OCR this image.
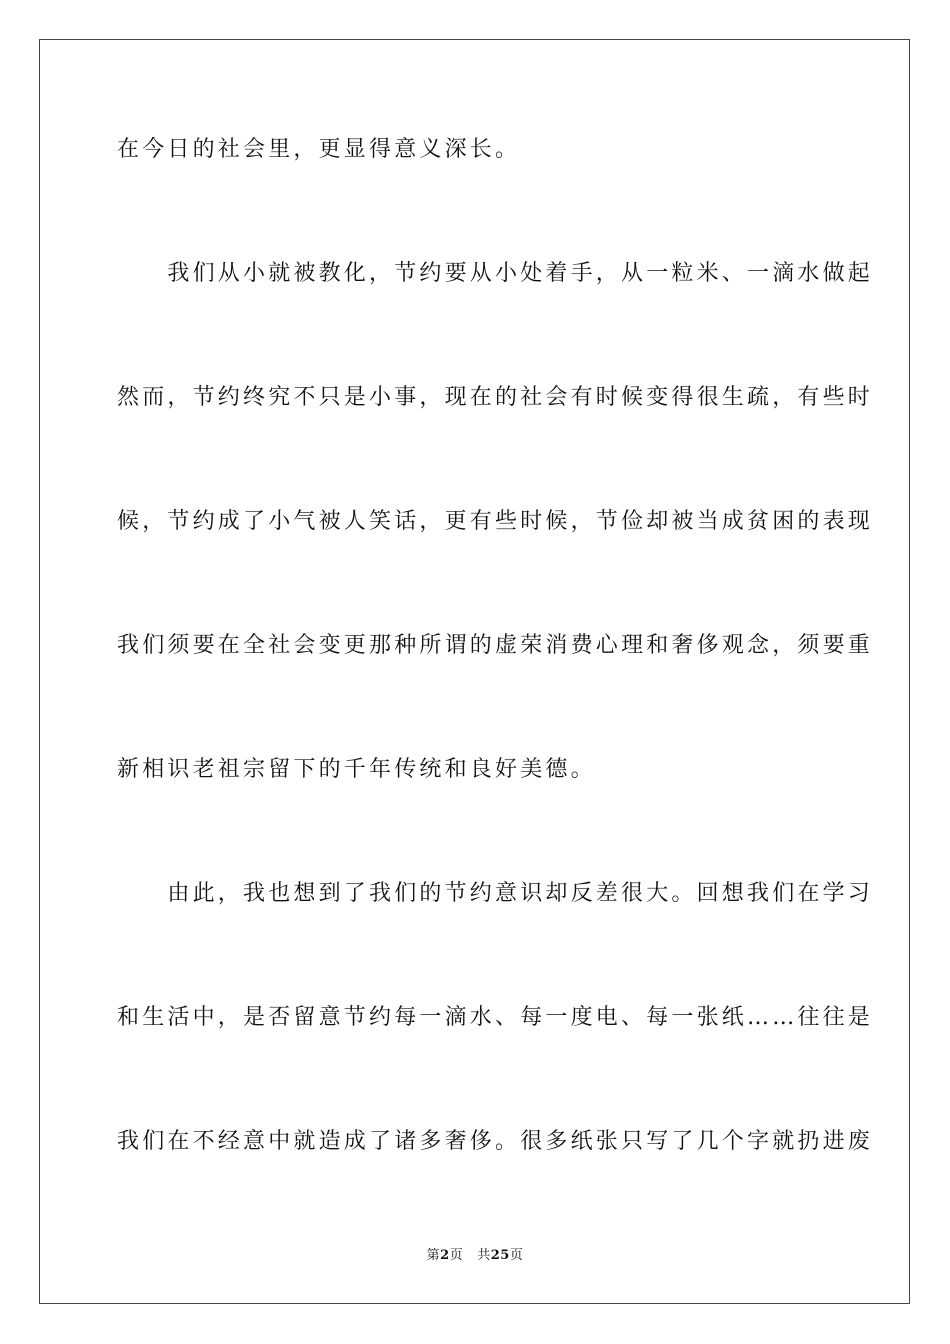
在今日的社会里，更显得意义深长。
　　我们从小就被教化，节约要从小处着手，从一粒米、一滴水做起
然而，节约终究不只是小事，现在的社会有时候变得很生疏，有些时
候，节约成了小气被人笑话，更有些时候，节俭却被当成贫困的表现
我们须要在全社会变更那种所谓的虚荣消费心理和奢侈观念，须要重
新相识老祖宗留下的千年传统和良好美德。
　　由此，我也想到了我们的节约意识却反差很大。回想我们在学习
和生活中，是否留意节约每一滴水、每一度电、每一张纸……往往是
我们在不经意中就造成了诸多奢侈。很多纸张只写了几个字就扔进废
第2页 共25页
